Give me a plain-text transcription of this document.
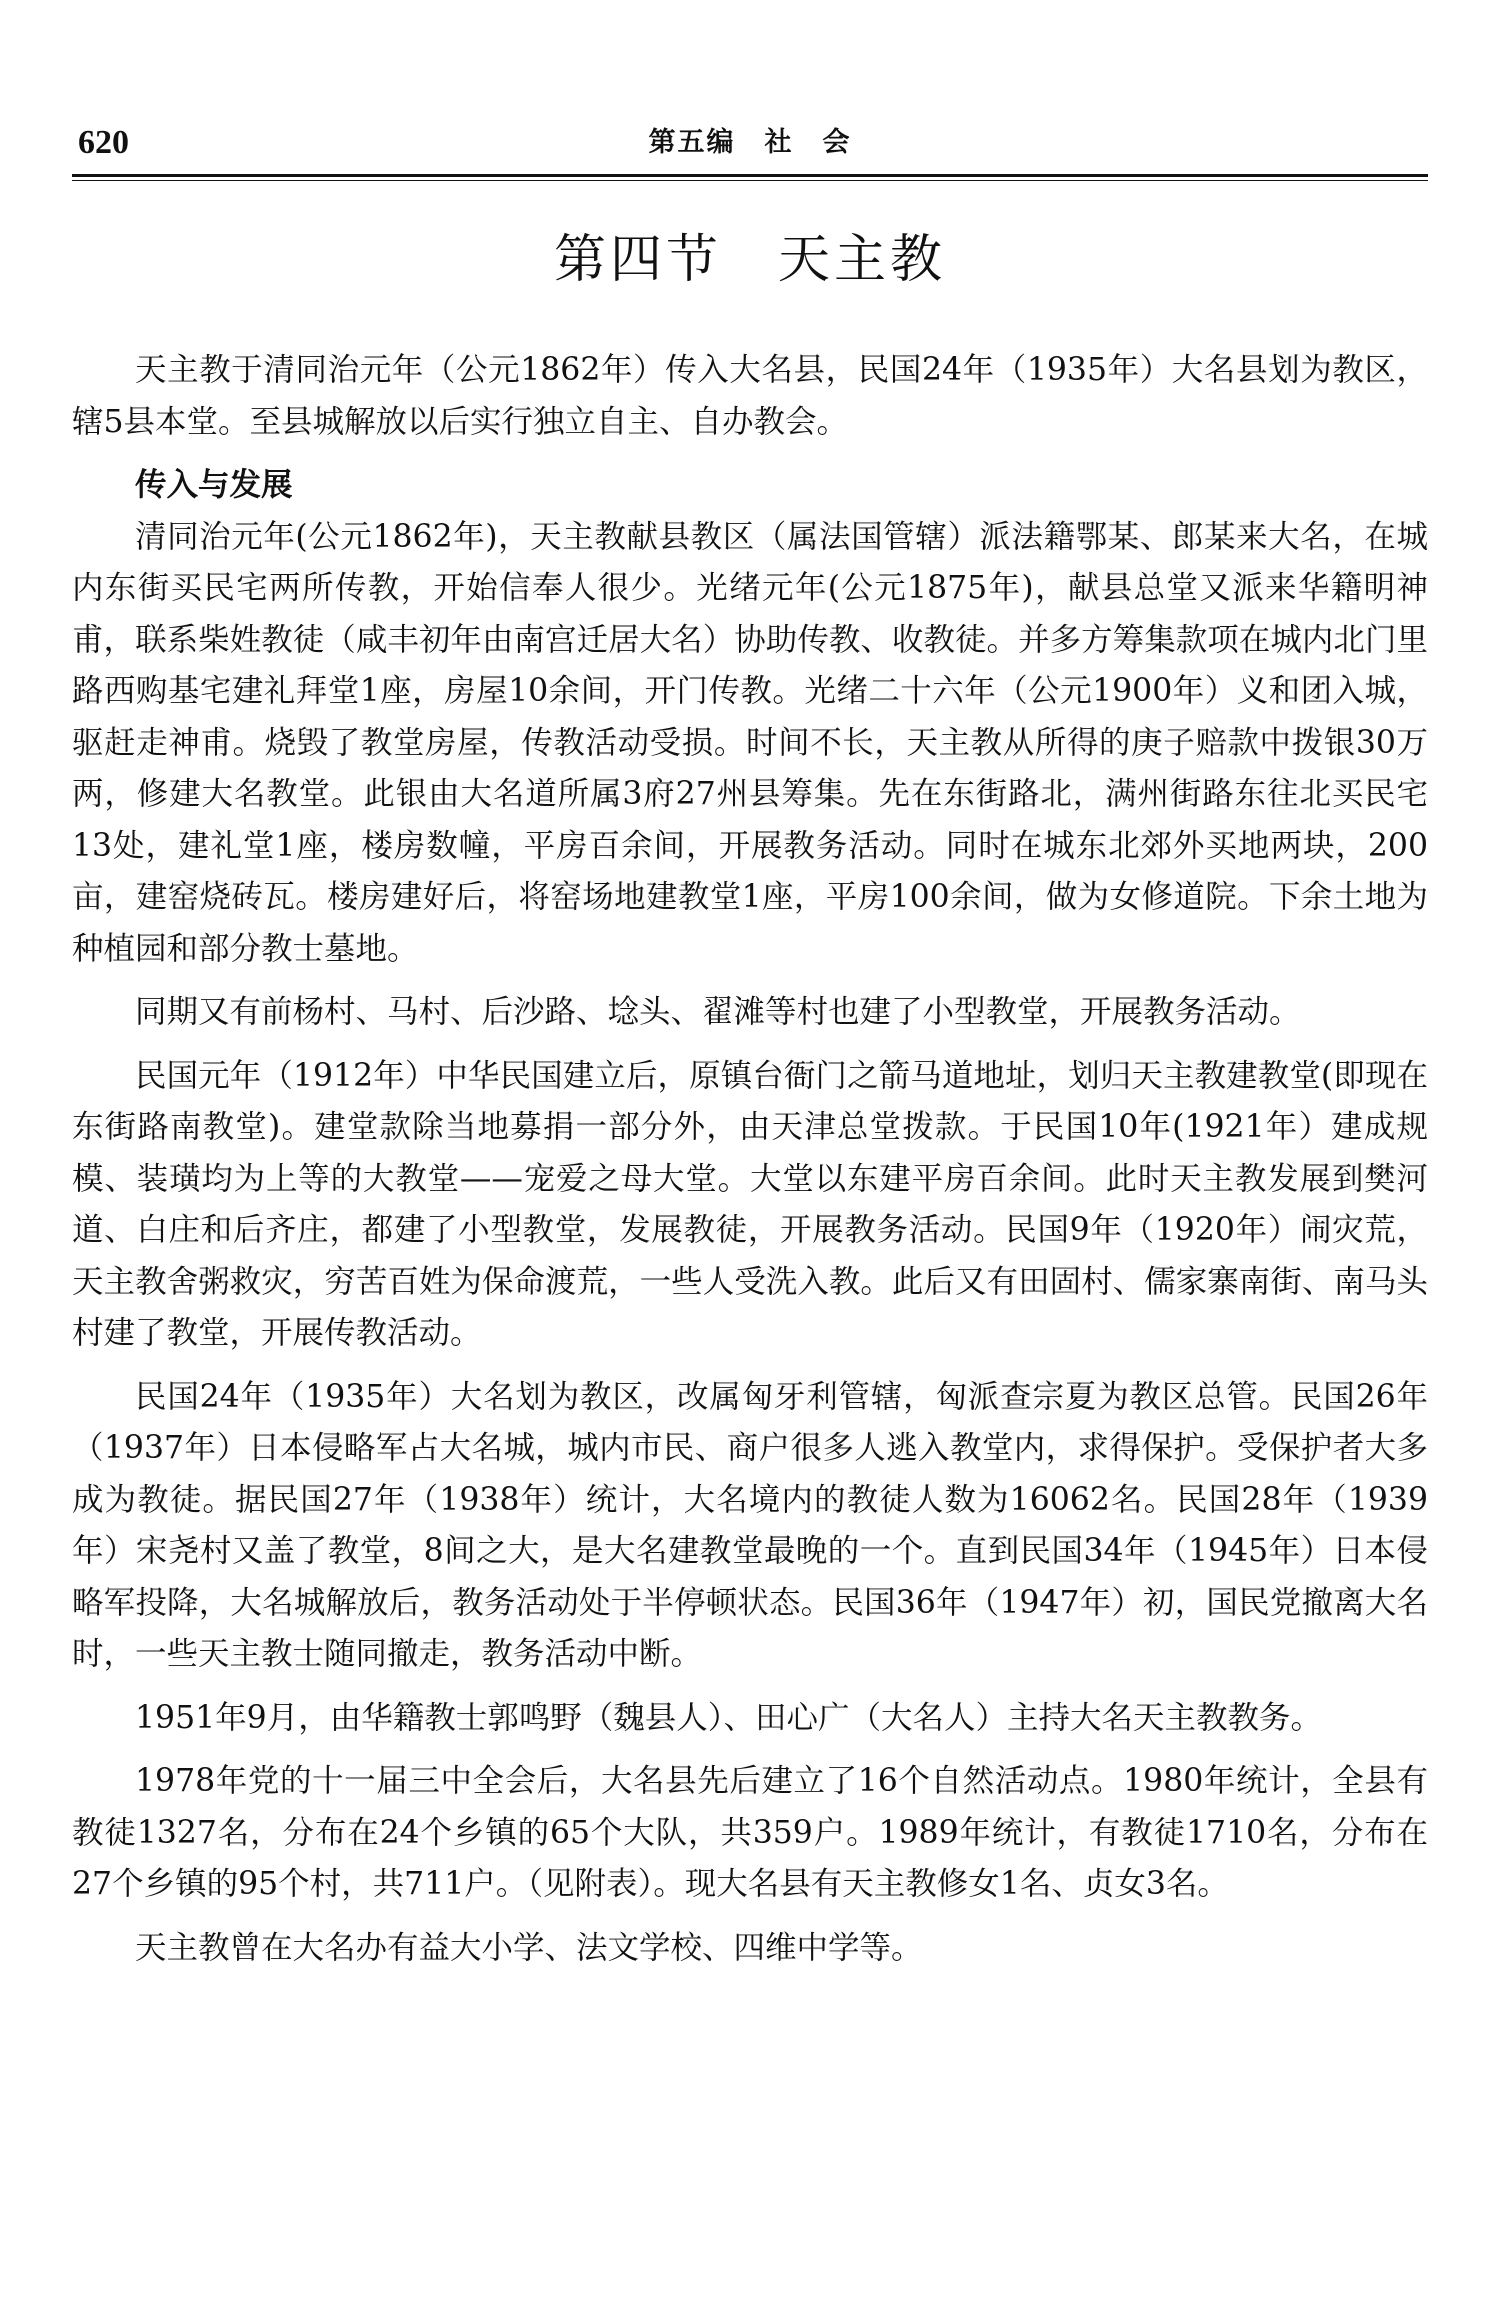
620	第五编　社　会
第四节　天主教

天主教于清同治元年（公元1862年）传入大名县，民国24年（1935年）大名县划为教区，辖5县本堂。至县城解放以后实行独立自主、自办教会。

传入与发展

清同治元年(公元1862年)，天主教献县教区（属法国管辖）派法籍鄂某、郎某来大名，在城内东街买民宅两所传教，开始信奉人很少。光绪元年(公元1875年)，献县总堂又派来华籍明神甫，联系柴姓教徒（咸丰初年由南宫迁居大名）协助传教、收教徒。并多方筹集款项在城内北门里路西购基宅建礼拜堂1座，房屋10余间，开门传教。光绪二十六年（公元1900年）义和团入城，驱赶走神甫。烧毁了教堂房屋，传教活动受损。时间不长，天主教从所得的庚子赔款中拨银30万两，修建大名教堂。此银由大名道所属3府27州县筹集。先在东街路北，满州街路东往北买民宅13处，建礼堂1座，楼房数幢，平房百余间，开展教务活动。同时在城东北郊外买地两块，200亩，建窑烧砖瓦。楼房建好后，将窑场地建教堂1座，平房100余间，做为女修道院。下余土地为种植园和部分教士墓地。

同期又有前杨村、马村、后沙路、埝头、翟滩等村也建了小型教堂，开展教务活动。

民国元年（1912年）中华民国建立后，原镇台衙门之箭马道地址，划归天主教建教堂(即现在东街路南教堂)。建堂款除当地募捐一部分外，由天津总堂拨款。于民国10年(1921年）建成规模、装璜均为上等的大教堂——宠爱之母大堂。大堂以东建平房百余间。此时天主教发展到樊河道、白庄和后齐庄，都建了小型教堂，发展教徒，开展教务活动。民国9年（1920年）闹灾荒，天主教舍粥救灾，穷苦百姓为保命渡荒，一些人受洗入教。此后又有田固村、儒家寨南街、南马头村建了教堂，开展传教活动。

民国24年（1935年）大名划为教区，改属匈牙利管辖，匈派查宗夏为教区总管。民国26年（1937年）日本侵略军占大名城，城内市民、商户很多人逃入教堂内，求得保护。受保护者大多成为教徒。据民国27年（1938年）统计，大名境内的教徒人数为16062名。民国28年（1939年）宋尧村又盖了教堂，8间之大，是大名建教堂最晚的一个。直到民国34年（1945年）日本侵略军投降，大名城解放后，教务活动处于半停顿状态。民国36年（1947年）初，国民党撤离大名时，一些天主教士随同撤走，教务活动中断。

1951年9月，由华籍教士郭鸣野（魏县人）、田心广（大名人）主持大名天主教教务。

1978年党的十一届三中全会后，大名县先后建立了16个自然活动点。1980年统计，全县有教徒1327名，分布在24个乡镇的65个大队，共359户。1989年统计，有教徒1710名，分布在27个乡镇的95个村，共711户。（见附表）。现大名县有天主教修女1名、贞女3名。

天主教曾在大名办有益大小学、法文学校、四维中学等。
